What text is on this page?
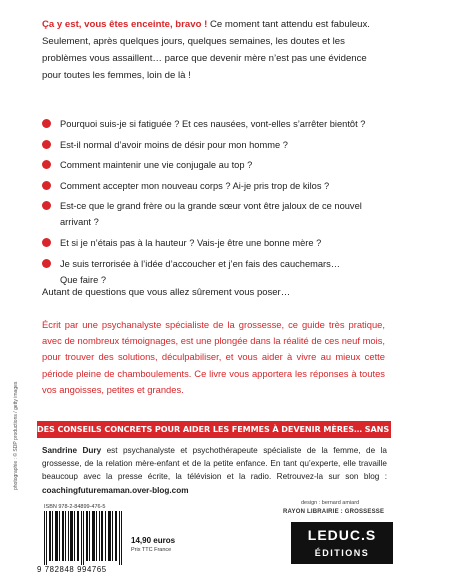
Ça y est, vous êtes enceinte, bravo ! Ce moment tant attendu est fabuleux. Seulement, après quelques jours, quelques semaines, les doutes et les problèmes vous assaillent… parce que devenir mère n’est pas une évidence pour toutes les femmes, loin de là !
Pourquoi suis-je si fatiguée ? Et ces nausées, vont-elles s’arrêter bientôt ?
Est-il normal d’avoir moins de désir pour mon homme ?
Comment maintenir une vie conjugale au top ?
Comment accepter mon nouveau corps ? Ai-je pris trop de kilos ?
Est-ce que le grand frère ou la grande sœur vont être jaloux de ce nouvel arrivant ?
Et si je n’étais pas à la hauteur ? Vais-je être une bonne mère ?
Je suis terrorisée à l’idée d’accoucher et j’en fais des cauchemars…
Que faire ?
Autant de questions que vous allez sûrement vous poser…
Écrit par une psychanalyste spécialiste de la grossesse, ce guide très pratique, avec de nombreux témoignages, est une plongée dans la réalité de ces neuf mois, pour trouver des solutions, déculpabiliser, et vous aider à vivre au mieux cette période pleine de chamboulements. Ce livre vous apportera les réponses à toutes vos angoisses, petites et grandes.
DES CONSEILS CONCRETS POUR AIDER LES FEMMES À DEVENIR MÈRES… SANS AVOIR PEUR !
Sandrine Dury est psychanalyste et psychothérapeute spécialiste de la femme, de la grossesse, de la relation mère-enfant et de la petite enfance. En tant qu’experte, elle travaille beaucoup avec la presse écrite, la télévision et la radio. Retrouvez-la sur son blog : coachingfuturemaman.over-blog.com
photographie : © SDP productions / getty images
ISBN 978-2-84899-476-5
9 782848 994765
14,90 euros
Prix TTC France
design : bernard amiard
RAYON LIBRAIRIE : GROSSESSE
LEDUC.S
ÉDITIONS
